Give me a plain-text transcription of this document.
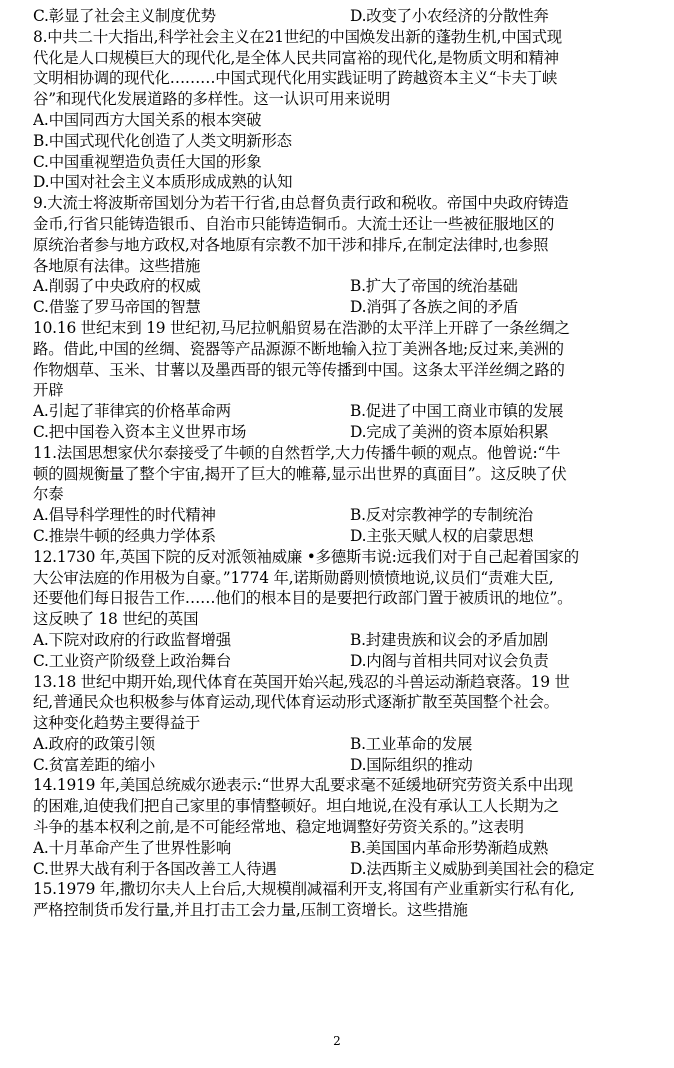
C.彰显了社会主义制度优势	D.改变了小农经济的分散性奔
8.中共二十大指出,科学社会主义在21世纪的中国焕发出新的蓬勃生机,中国式现
代化是人口规模巨大的现代化,是全体人民共同富裕的现代化,是物质文明和精神
文明相协调的现代化………中国式现代化用实践证明了跨越资本主义“卡夫丁峡
谷”和现代化发展道路的多样性。这一认识可用来说明
A.中国同西方大国关系的根本突破
B.中国式现代化创造了人类文明新形态
C.中国重视塑造负责任大国的形象
D.中国对社会主义本质形成成熟的认知
9.大流士将波斯帝国划分为若干行省,由总督负责行政和税收。帝国中央政府铸造
金币,行省只能铸造银币、自治市只能铸造铜币。大流士还让一些被征服地区的
原统治者参与地方政权,对各地原有宗教不加干涉和排斥,在制定法律时,也参照
各地原有法律。这些措施
A.削弱了中央政府的权威	B.扩大了帝国的统治基础
C.借鉴了罗马帝国的智慧	D.消弭了各族之间的矛盾
10.16 世纪末到 19 世纪初,马尼拉帆船贸易在浩渺的太平洋上开辟了一条丝绸之
路。借此,中国的丝绸、瓷器等产品源源不断地输入拉丁美洲各地;反过来,美洲的
作物烟草、玉米、甘薯以及墨西哥的银元等传播到中国。这条太平洋丝绸之路的
开辟
A.引起了菲律宾的价格革命两	B.促进了中国工商业市镇的发展
C.把中国卷入资本主义世界市场	D.完成了美洲的资本原始积累
11.法国思想家伏尔泰接受了牛顿的自然哲学,大力传播牛顿的观点。他曾说:“牛
顿的圆规衡量了整个宇宙,揭开了巨大的帷幕,显示出世界的真面目”。这反映了伏
尔泰
A.倡导科学理性的时代精神	B.反对宗教神学的专制统治
C.推崇牛顿的经典力学体系	D.主张天赋人权的启蒙思想
12.1730 年,英国下院的反对派领袖威廉 •多德斯韦说:远我们对于自己起着国家的
大公审法庭的作用极为自豪。”1774 年,诺斯勋爵则愤愤地说,议员们“责难大臣,
还要他们每日报告工作……他们的根本目的是要把行政部门置于被质讯的地位”。
这反映了 18 世纪的英国
A.下院对政府的行政监督增强	B.封建贵族和议会的矛盾加剧
C.工业资产阶级登上政治舞台	D.内阁与首相共同对议会负责
13.18 世纪中期开始,现代体育在英国开始兴起,残忍的斗兽运动渐趋衰落。19 世
纪,普通民众也积极参与体育运动,现代体育运动形式逐渐扩散至英国整个社会。
这种变化趋势主要得益于
A.政府的政策引领	B.工业革命的发展
C.贫富差距的缩小	D.国际组织的推动
14.1919 年,美国总统威尔逊表示:“世界大乱要求毫不延缓地研究劳资关系中出现
的困难,迫使我们把自己家里的事情整顿好。坦白地说,在没有承认工人长期为之
斗争的基本权利之前,是不可能经常地、稳定地调整好劳资关系的。”这表明
A.十月革命产生了世界性影响	B.美国国内革命形势渐趋成熟
C.世界大战有利于各国改善工人待遇	D.法西斯主义威胁到美国社会的稳定
15.1979 年,撒切尔夫人上台后,大规模削减福利开支,将国有产业重新实行私有化,
严格控制货币发行量,并且打击工会力量,压制工资增长。这些措施
2
